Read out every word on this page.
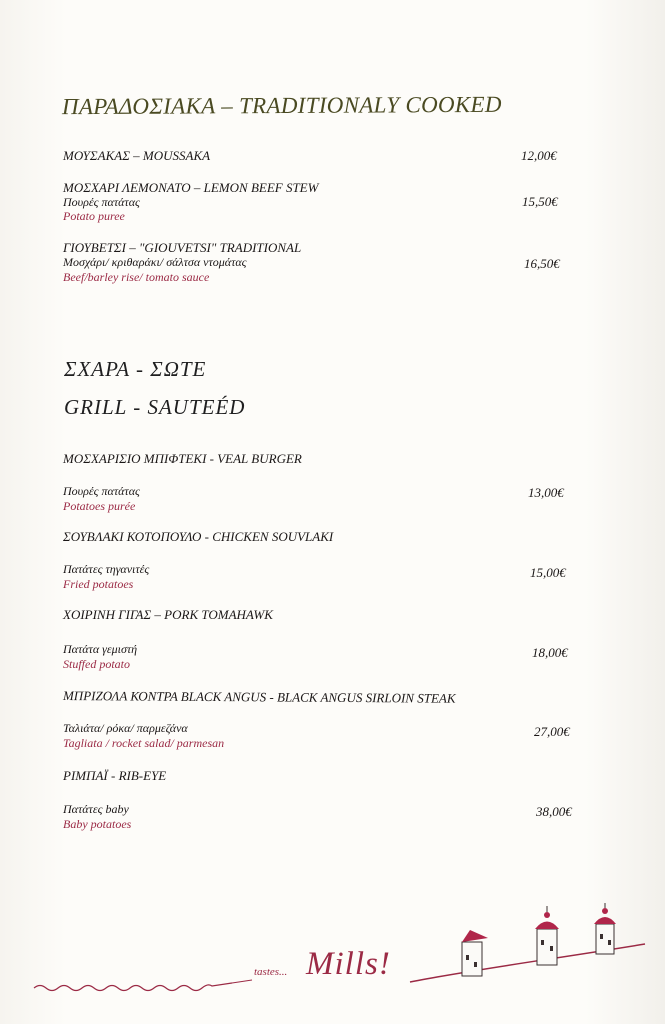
ΠΑΡΑΔΟΣΙΑΚΑ – TRADITIONALY COOKED
ΜΟΥΣΑΚΑΣ – MOUSSAKA	12,00€
ΜΟΣΧΑΡΙ ΛΕΜΟΝΑΤΟ – LEMON BEEF STEW
Πουρές πατάτας
Potato puree
15,50€
ΓΙΟΥΒΕΤΣΙ – "GIOUVETSI" TRADITIONAL
Μοσχάρι/ κριθαράκι/ σάλτσα ντομάτας
Beef/barley rise/ tomato sauce
16,50€
ΣΧΑΡΑ - ΣΩΤΕ
GRILL - SAUTEÉD
ΜΟΣΧΑΡΙΣΙΟ ΜΠΙΦΤΕΚΙ - VEAL BURGER
Πουρές πατάτας
Potatoes purée
13,00€
ΣΟΥΒΛΑΚΙ ΚΟΤΟΠΟΥΛΟ - CHICKEN SOUVLAKI
Πατάτες τηγανιτές
Fried potatoes
15,00€
ΧΟΙΡΙΝΗ ΓΙΓΑΣ – PORK TOMAHAWK
Πατάτα γεμιστή
Stuffed potato
18,00€
ΜΠΡΙΖΟΛΑ ΚΟΝΤΡΑ BLACK ANGUS - BLACK ANGUS SIRLOIN STEAK
Ταλιάτα/ ρόκα/ παρμεζάνα
Tagliata / rocket salad/ parmesan
27,00€
ΡΙΜΠΑΪ - RIB-EYE
Πατάτες baby
Baby potatoes
38,00€
tastes... Mills!
